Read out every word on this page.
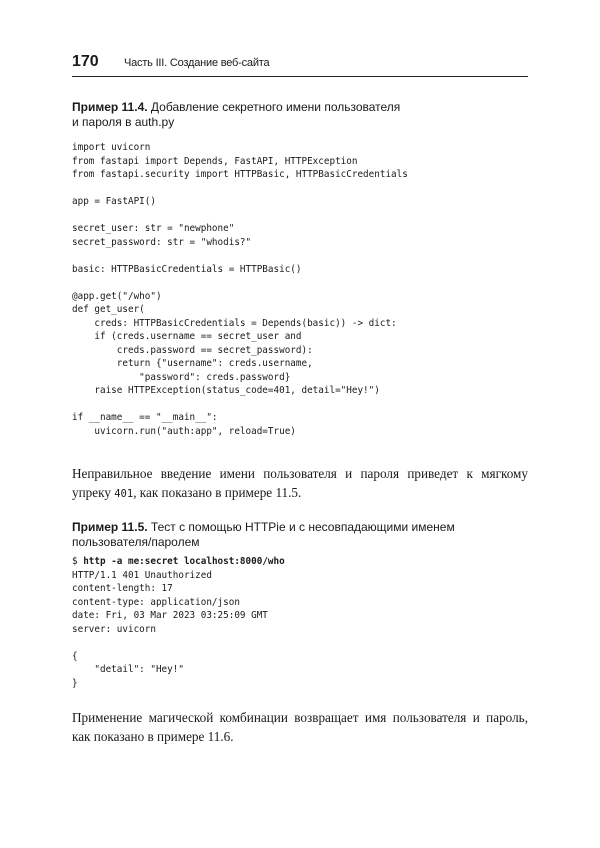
170 Часть III. Создание веб-сайта
Пример 11.4. Добавление секретного имени пользователя
и пароля в auth.py
import uvicorn
from fastapi import Depends, FastAPI, HTTPException
from fastapi.security import HTTPBasic, HTTPBasicCredentials

app = FastAPI()

secret_user: str = "newphone"
secret_password: str = "whodis?"

basic: HTTPBasicCredentials = HTTPBasic()

@app.get("/who")
def get_user(
creds: HTTPBasicCredentials = Depends(basic)) -> dict:
if (creds.username == secret_user and
creds.password == secret_password):
return {"username": creds.username,
"password": creds.password}
raise HTTPException(status_code=401, detail="Hey!")

if __name__ == "__main__":
uvicorn.run("auth:app", reload=True)

Неправильное введение имени пользователя и пароля приведет к мягкому упреку 401, как показано в примере 11.5.

Пример 11.5. Тест с помощью HTTPie и с несовпадающими именем
пользователя/паролем
$ http -a me:secret localhost:8000/who
HTTP/1.1 401 Unauthorized
content-length: 17
content-type: application/json
date: Fri, 03 Mar 2023 03:25:09 GMT
server: uvicorn

{
"detail": "Hey!"
}

Применение магической комбинации возвращает имя пользователя и пароль, как показано в примере 11.6.
